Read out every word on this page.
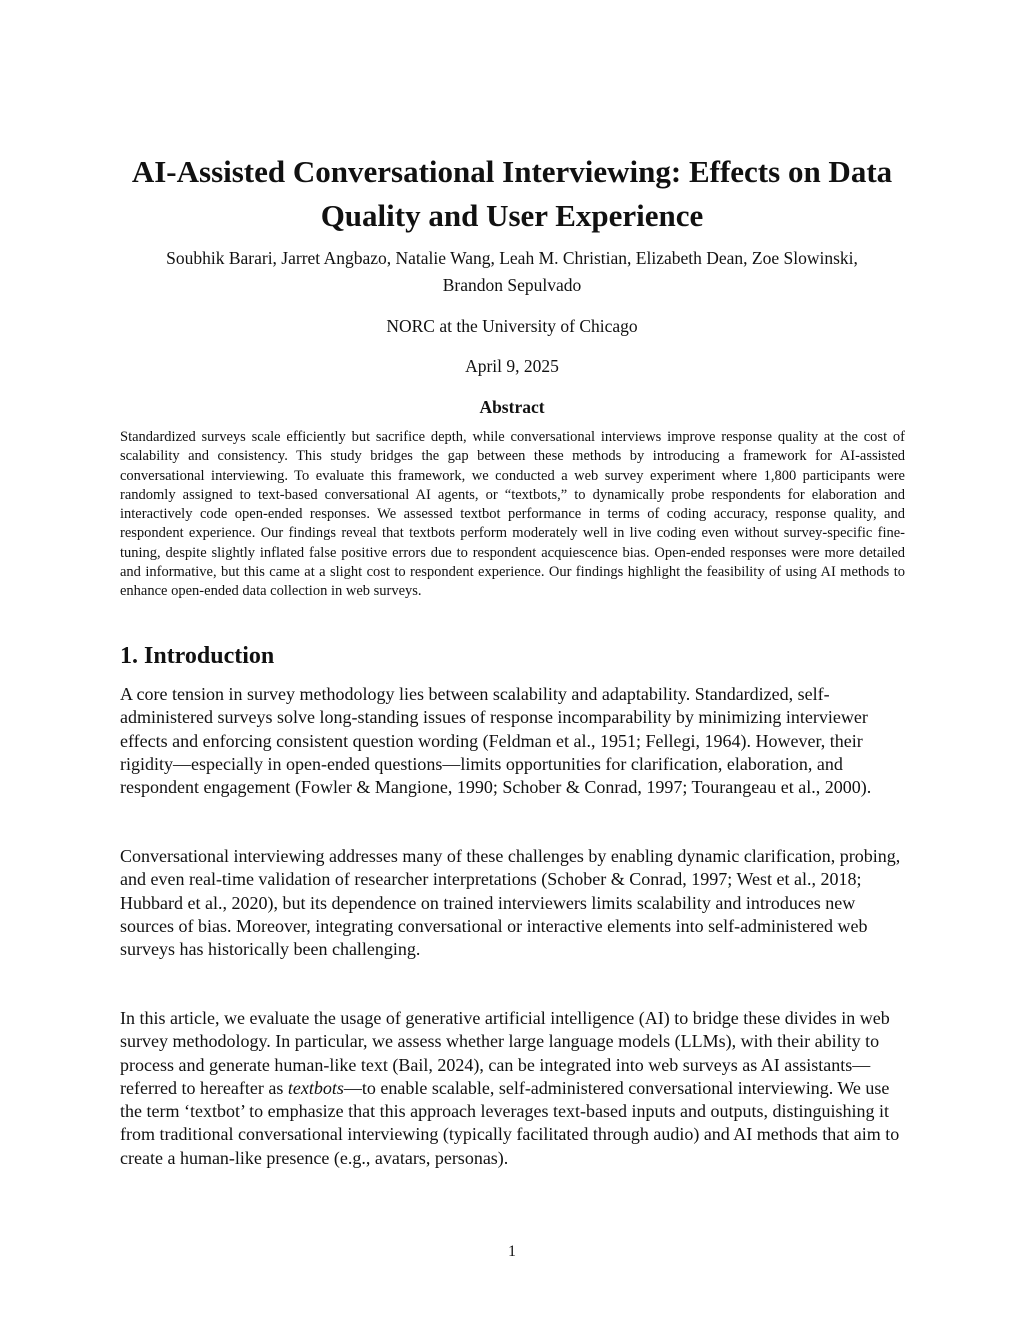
AI-Assisted Conversational Interviewing: Effects on Data Quality and User Experience

Soubhik Barari, Jarret Angbazo, Natalie Wang, Leah M. Christian, Elizabeth Dean, Zoe Slowinski, Brandon Sepulvado

NORC at the University of Chicago

April 9, 2025

Abstract

Standardized surveys scale efficiently but sacrifice depth, while conversational interviews improve response quality at the cost of scalability and consistency. This study bridges the gap between these methods by introducing a framework for AI-assisted conversational interviewing. To evaluate this framework, we conducted a web survey experiment where 1,800 participants were randomly assigned to text-based conversational AI agents, or “textbots,” to dynamically probe respondents for elaboration and interactively code open-ended responses. We assessed textbot performance in terms of coding accuracy, response quality, and respondent experience. Our findings reveal that textbots perform moderately well in live coding even without survey-specific fine-tuning, despite slightly inflated false positive errors due to respondent acquiescence bias. Open-ended responses were more detailed and informative, but this came at a slight cost to respondent experience. Our findings highlight the feasibility of using AI methods to enhance open-ended data collection in web surveys.

1. Introduction

A core tension in survey methodology lies between scalability and adaptability. Standardized, self-administered surveys solve long-standing issues of response incomparability by minimizing interviewer effects and enforcing consistent question wording (Feldman et al., 1951; Fellegi, 1964). However, their rigidity—especially in open-ended questions—limits opportunities for clarification, elaboration, and respondent engagement (Fowler & Mangione, 1990; Schober & Conrad, 1997; Tourangeau et al., 2000).

Conversational interviewing addresses many of these challenges by enabling dynamic clarification, probing, and even real-time validation of researcher interpretations (Schober & Conrad, 1997; West et al., 2018; Hubbard et al., 2020), but its dependence on trained interviewers limits scalability and introduces new sources of bias. Moreover, integrating conversational or interactive elements into self-administered web surveys has historically been challenging.

In this article, we evaluate the usage of generative artificial intelligence (AI) to bridge these divides in web survey methodology. In particular, we assess whether large language models (LLMs), with their ability to process and generate human-like text (Bail, 2024), can be integrated into web surveys as AI assistants—referred to hereafter as textbots—to enable scalable, self-administered conversational interviewing. We use the term ‘textbot’ to emphasize that this approach leverages text-based inputs and outputs, distinguishing it from traditional conversational interviewing (typically facilitated through audio) and AI methods that aim to create a human-like presence (e.g., avatars, personas).

1
